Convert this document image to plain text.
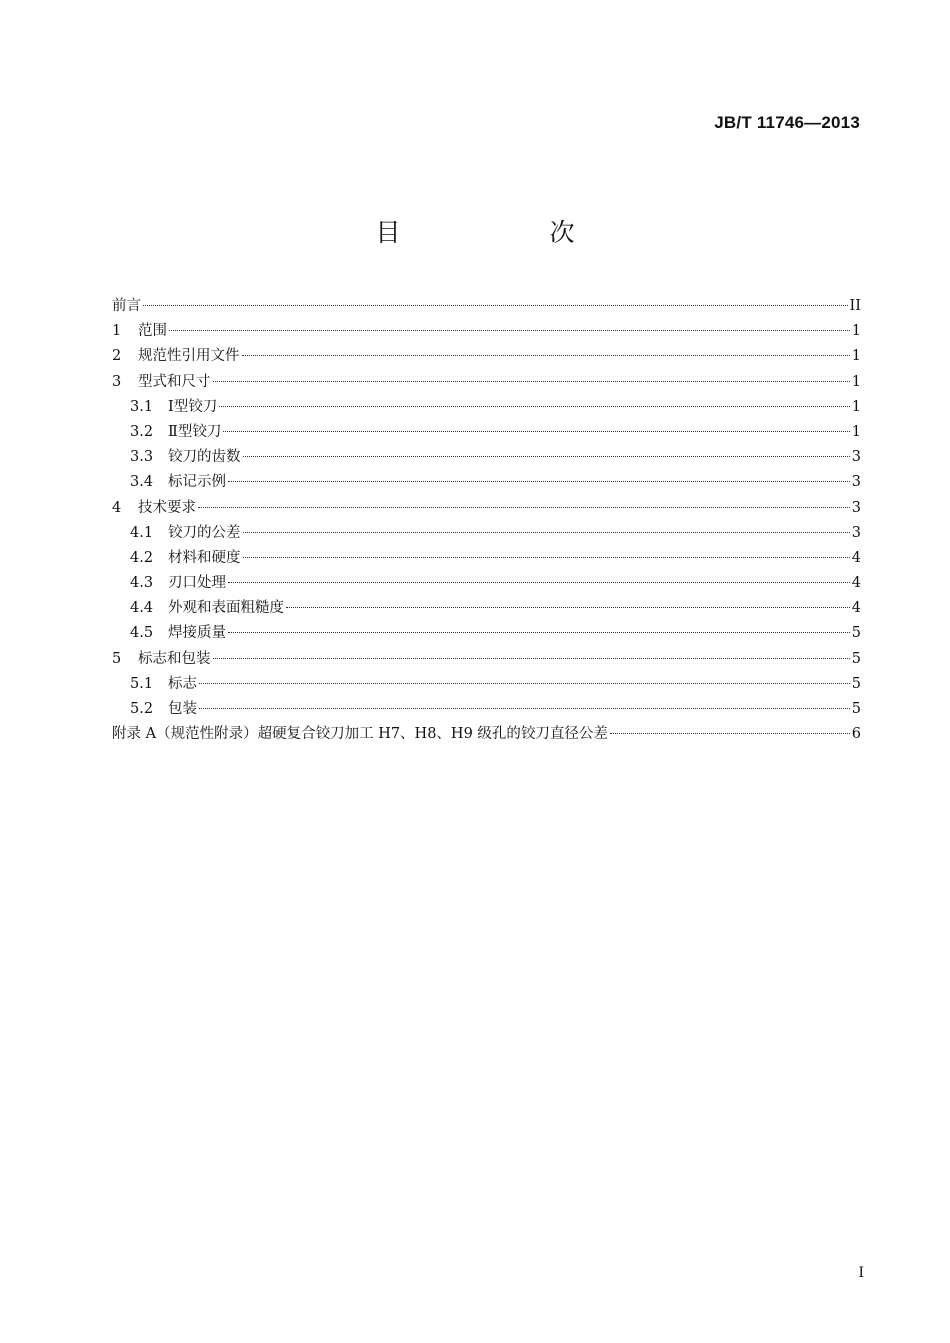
JB/T 11746—2013
目　次
前言	II
1	范围	1
2	规范性引用文件	1
3	型式和尺寸	1
3.1	Ⅰ型铰刀	1
3.2	Ⅱ型铰刀	1
3.3	铰刀的齿数	3
3.4	标记示例	3
4	技术要求	3
4.1	铰刀的公差	3
4.2	材料和硬度	4
4.3	刃口处理	4
4.4	外观和表面粗糙度	4
4.5	焊接质量	5
5	标志和包装	5
5.1	标志	5
5.2	包装	5
附录 A（规范性附录）超硬复合铰刀加工 H7、H8、H9 级孔的铰刀直径公差	6
I
